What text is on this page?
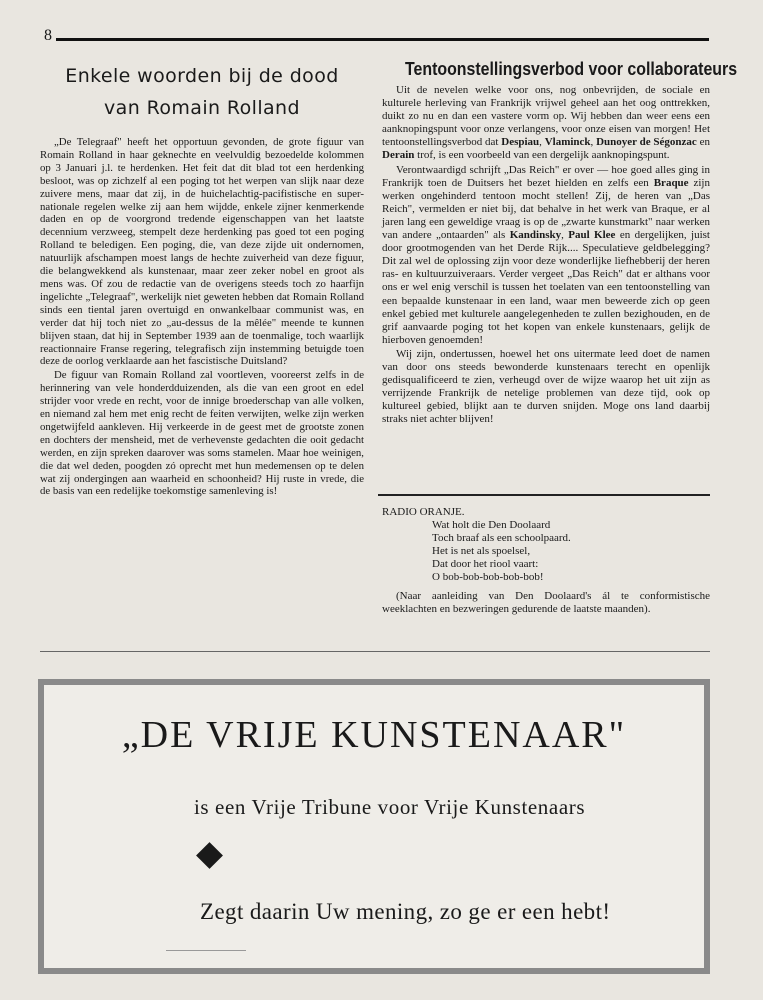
8
Enkele woorden bij de dood
van Romain Rolland

„De Telegraaf" heeft het opportuun gevonden, de grote figuur van Romain Rolland in haar geknechte en veelvuldig bezoedelde kolommen op 3 Januari j.l. te herdenken. Het feit dat dit blad tot een herdenking besloot, was op zichzelf al een poging tot het werpen van slijk naar deze zuivere mens, maar dat zij, in de huichelachtig-pacifistische en super-nationale regelen welke zij aan hem wijdde, enkele zijner kenmerkende daden en op de voorgrond tredende eigenschappen van het laatste decennium verzweeg, stempelt deze herdenking pas goed tot een poging Rolland te beledigen. Een poging, die, van deze zijde uit ondernomen, natuurlijk afschampen moest langs de hechte zuiverheid van deze figuur, die belangwekkend als kunstenaar, maar zeer zeker nobel en groot als mens was. Of zou de redactie van de overigens steeds toch zo haarfijn ingelichte „Telegraaf", werkelijk niet geweten hebben dat Romain Rolland sinds een tiental jaren overtuigd en onwankelbaar communist was, en verder dat hij toch niet zo „au-dessus de la mêlée" meende te kunnen blijven staan, dat hij in September 1939 aan de toenmalige, toch waarlijk reactionnaire Franse regering, telegrafisch zijn instemming betuigde toen deze de oorlog verklaarde aan het fascistische Duitsland?

De figuur van Romain Rolland zal voortleven, vooreerst zelfs in de herinnering van vele honderdduizenden, als die van een groot en edel strijder voor vrede en recht, voor de innige broederschap van alle volken, en niemand zal hem met enig recht de feiten verwijten, welke zijn werken ongetwijfeld aankleven. Hij verkeerde in de geest met de grootste zonen en dochters der mensheid, met de verhevenste gedachten die ooit gedacht werden, en zijn spreken daarover was soms stamelen. Maar hoe weinigen, die dat wel deden, poogden zó oprecht met hun medemensen op te delen wat zij ondergingen aan waarheid en schoonheid? Hij ruste in vrede, die de basis van een redelijke toekomstige samenleving is!

Tentoonstellingsverbod voor collaborateurs

Uit de nevelen welke voor ons, nog onbevrijden, de sociale en kulturele herleving van Frankrijk vrijwel geheel aan het oog onttrekken, duikt zo nu en dan een vastere vorm op. Wij hebben dan weer eens een aanknopingspunt voor onze verlangens, voor onze eisen van morgen! Het tentoonstellingsverbod dat Despiau, Vlaminck, Dunoyer de Ségonzac en Derain trof, is een voorbeeld van een dergelijk aanknopingspunt.

Verontwaardigd schrijft „Das Reich" er over — hoe goed alles ging in Frankrijk toen de Duitsers het bezet hielden en zelfs een Braque zijn werken ongehinderd tentoon mocht stellen! Zij, de heren van „Das Reich", vermelden er niet bij, dat behalve in het werk van Braque, er al jaren lang een geweldige vraag is op de „zwarte kunstmarkt" naar werken van andere „ontaarden" als Kandinsky, Paul Klee en dergelijken, juist door grootmogenden van het Derde Rijk.... Speculatieve geldbelegging? Dit zal wel de oplossing zijn voor deze wonderlijke liefhebberij der heren ras- en kultuurzuiveraars. Verder vergeet „Das Reich" dat er althans voor ons er wel enig verschil is tussen het toelaten van een tentoonstelling van een bepaalde kunstenaar in een land, waar men beweerde zich op geen enkel gebied met kulturele aangelegenheden te zullen bezighouden, en de grif aanvaarde poging tot het kopen van enkele kunstenaars, gelijk de hierboven genoemden!

Wij zijn, ondertussen, hoewel het ons uitermate leed doet de namen van door ons steeds bewonderde kunstenaars terecht en openlijk gedisqualificeerd te zien, verheugd over de wijze waarop het uit zijn as verrijzende Frankrijk de netelige problemen van deze tijd, ook op kultureel gebied, blijkt aan te durven snijden. Moge ons land daarbij straks niet achter blijven!

RADIO ORANJE.
Wat holt die Den Doolaard
Toch braaf als een schoolpaard.
Het is net als spoelsel,
Dat door het riool vaart:
O bob-bob-bob-bob-bob!
(Naar aanleiding van Den Doolaard's ál te conformistische weeklachten en bezweringen gedurende de laatste maanden).
„DE VRIJE KUNSTENAAR"
is een Vrije Tribune voor Vrije Kunstenaars
Zegt daarin Uw mening, zo ge er een hebt!
